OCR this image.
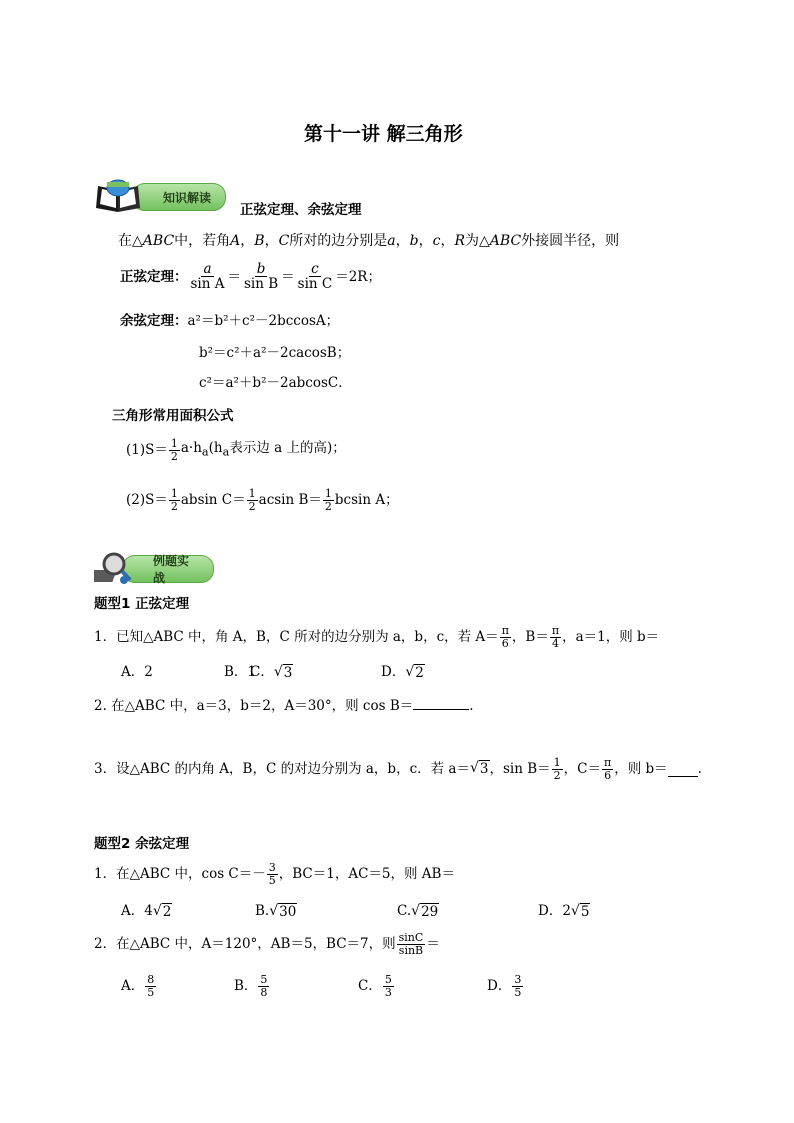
第十一讲 解三角形
知识解读
正弦定理、余弦定理
在△ABC中，若角A，B，C所对的边分别是a，b，c，R为△ABC外接圆半径，则
正弦定理： $\frac{a}{\text{sin A}} = \frac{b}{\text{sin B}} = \frac{c}{\text{sin C}} = 2R$ ；
余弦定理：a²＝b²＋c²－2bccosA；
b²＝c²＋a²－2cacosB；
c²＝a²＋b²－2abcosC．
三角形常用面积公式
$(1)S= \frac{1}{2} a\cdot h_a(h_a$表示边 a 上的高)；
$(2)S= \frac{1}{2}$ absin $C= \frac{1}{2}$ acsin $B= \frac{1}{2}$ bcsin A；
例题实战
题型1 正弦定理
1．已知△ABC 中，角 A，B，C 所对的边分别为 a，b，c，若 $A= \frac{\pi}{6}$ ，$B= \frac{\pi}{4}$ ，a＝1，则 b＝
A．2	B．1
C． √ 3	D． √ 2
2. 在△ABC 中，a＝3，b＝2，A＝30°，则 cos B＝	.
3．设△ABC 的内角 A，B，C 的对边分别为 a，b，c．若 a＝ √ 3 ，$\sin B= \frac{1}{2}$ ，$C= \frac{\pi}{6}$ ，则 b＝ .
题型2 余弦定理
1．在△ABC 中，$\cos C=- \frac{3}{5}$ ，BC＝1，AC＝5，则 AB＝
A．4 √ 2	B. √ 30	C. √ 29	D．2 √ 5
2．在△ABC 中，A＝120°，AB＝5，BC＝7，则 $\frac{\sin C}{\sin B}$ ＝
A． $\frac{8}{5}$	B． $\frac{5}{8}$	C． $\frac{5}{3}$	D． $\frac{3}{5}$
